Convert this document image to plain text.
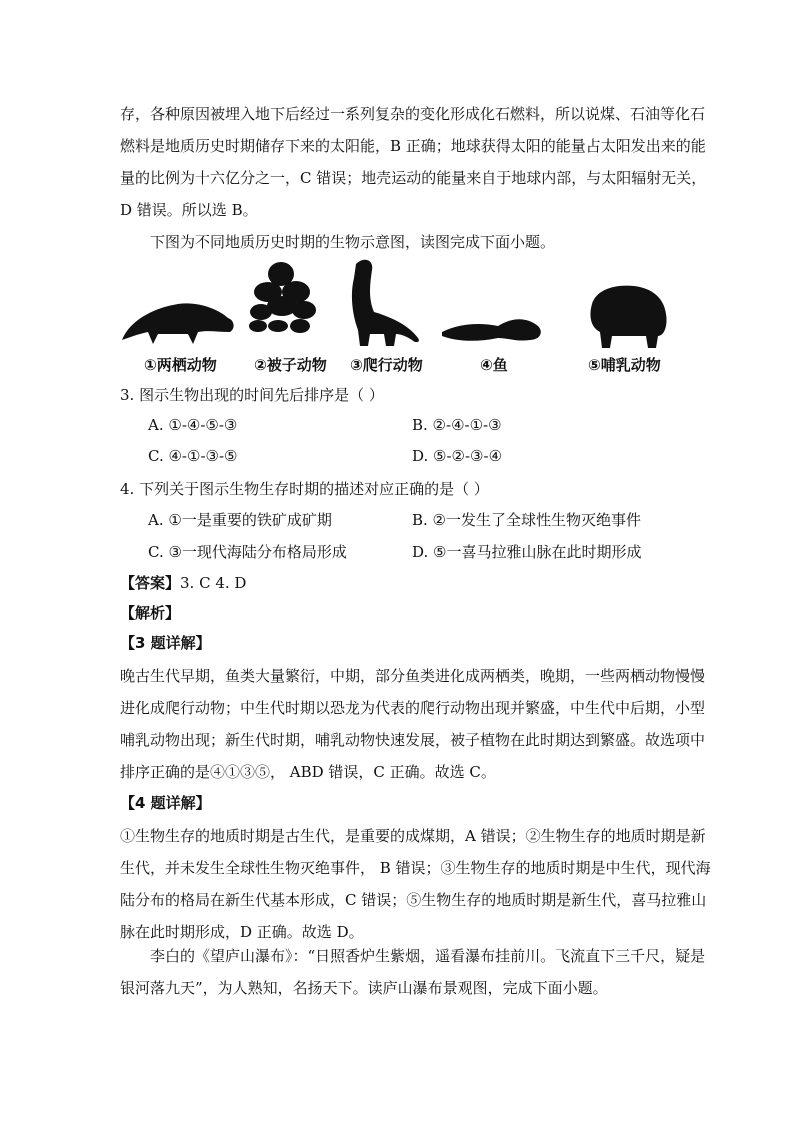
存，各种原因被埋入地下后经过一系列复杂的变化形成化石燃料，所以说煤、石油等化石
燃料是地质历史时期储存下来的太阳能，B 正确；地球获得太阳的能量占太阳发出来的能
量的比例为十六亿分之一，C 错误；地壳运动的能量来自于地球内部，与太阳辐射无关，
D 错误。所以选 B。
下图为不同地质历史时期的生物示意图，读图完成下面小题。
①两栖动物 ②被子动物 ③爬行动物	④鱼	⑤哺乳动物
3. 图示生物出现的时间先后排序是（ ）
A. ①-④-⑤-③	B. ②-④-①-③
C. ④-①-③-⑤	D. ⑤-②-③-④
4. 下列关于图示生物生存时期的描述对应正确的是（ ）
A. ①一是重要的铁矿成矿期	B. ②一发生了全球性生物灭绝事件
C. ③一现代海陆分布格局形成	D. ⑤一喜马拉雅山脉在此时期形成
【答案】3. C 4. D
【解析】
【3 题详解】
晚古生代早期，鱼类大量繁衍，中期，部分鱼类进化成两栖类，晚期，一些两栖动物慢慢
进化成爬行动物；中生代时期以恐龙为代表的爬行动物出现并繁盛，中生代中后期，小型
哺乳动物出现；新生代时期，哺乳动物快速发展，被子植物在此时期达到繁盛。故选项中
排序正确的是④①③⑤， ABD 错误，C 正确。故选 C。
【4 题详解】
①生物生存的地质时期是古生代，是重要的成煤期，A 错误；②生物生存的地质时期是新
生代，并未发生全球性生物灭绝事件， B 错误；③生物生存的地质时期是中生代，现代海
陆分布的格局在新生代基本形成，C 错误；⑤生物生存的地质时期是新生代，喜马拉雅山
脉在此时期形成，D 正确。故选 D。
李白的《望庐山瀑布》：“日照香炉生紫烟，遥看瀑布挂前川。飞流直下三千尺，疑是
银河落九天”，为人熟知，名扬天下。读庐山瀑布景观图，完成下面小题。
